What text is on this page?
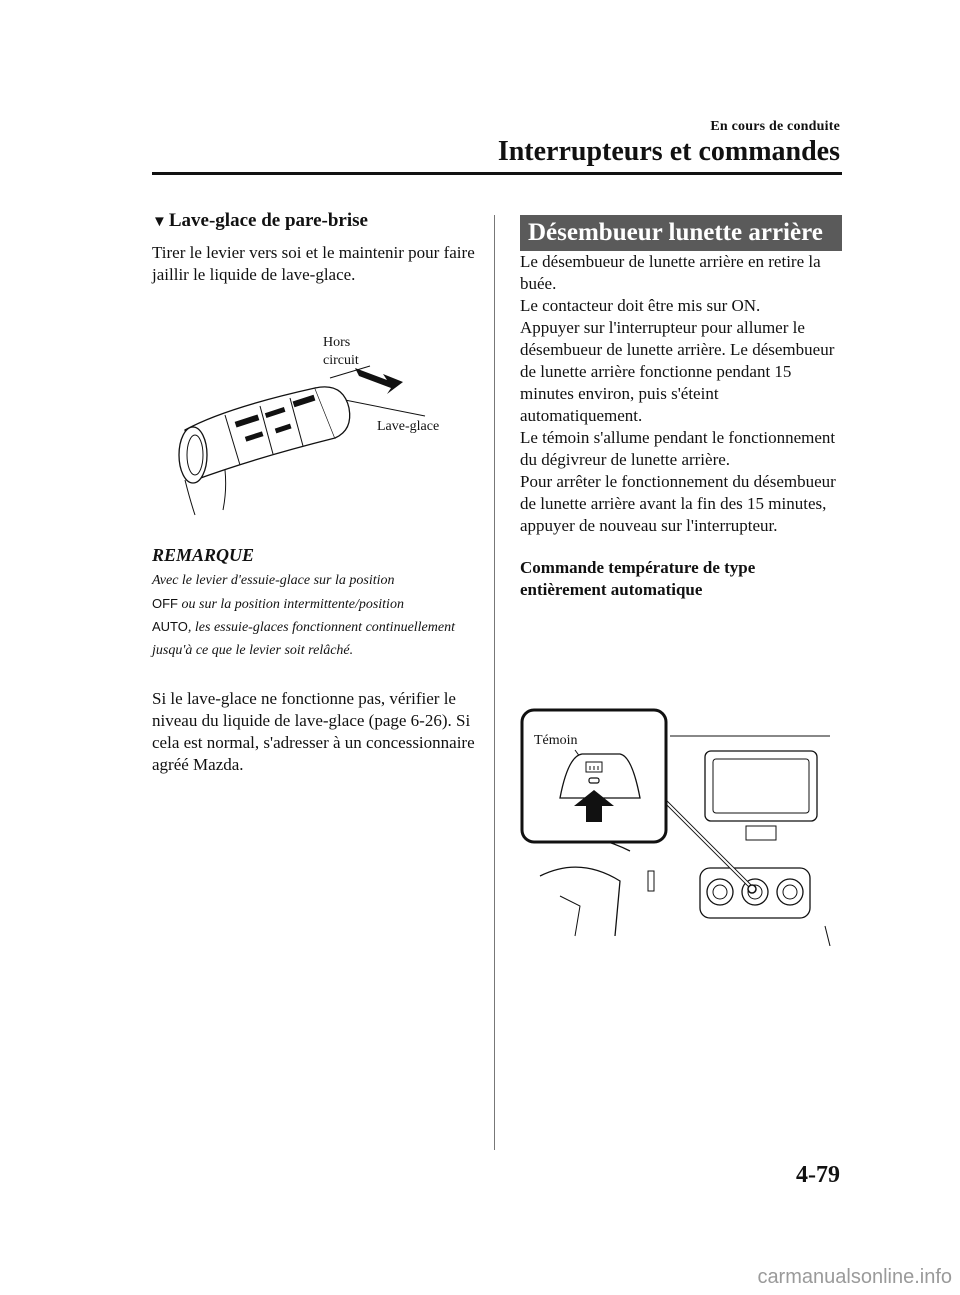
En cours de conduite
Interrupteurs et commandes
▼ Lave-glace de pare-brise

Tirer le levier vers soi et le maintenir pour faire jaillir le liquide de lave-glace.

Hors
circuit
Lave-glace
REMARQUE
Avec le levier d'essuie-glace sur la position
OFF ou sur la position intermittente/position
AUTO, les essuie-glaces fonctionnent continuellement jusqu'à ce que le levier soit relâché.

Si le lave-glace ne fonctionne pas, vérifier le niveau du liquide de lave-glace (page 6-26). Si cela est normal, s'adresser à un concessionnaire agréé Mazda.

Désembueur lunette arrière

Le désembueur de lunette arrière en retire la buée.

Le contacteur doit être mis sur ON.

Appuyer sur l'interrupteur pour allumer le désembueur de lunette arrière. Le désembueur de lunette arrière fonctionne pendant 15 minutes environ, puis s'éteint automatiquement.

Le témoin s'allume pendant le fonctionnement du dégivreur de lunette arrière.

Pour arrêter le fonctionnement du désembueur de lunette arrière avant la fin des 15 minutes, appuyer de nouveau sur l'interrupteur.

Commande température de type entièrement automatique
Témoin
4-79
carmanualsonline.info
